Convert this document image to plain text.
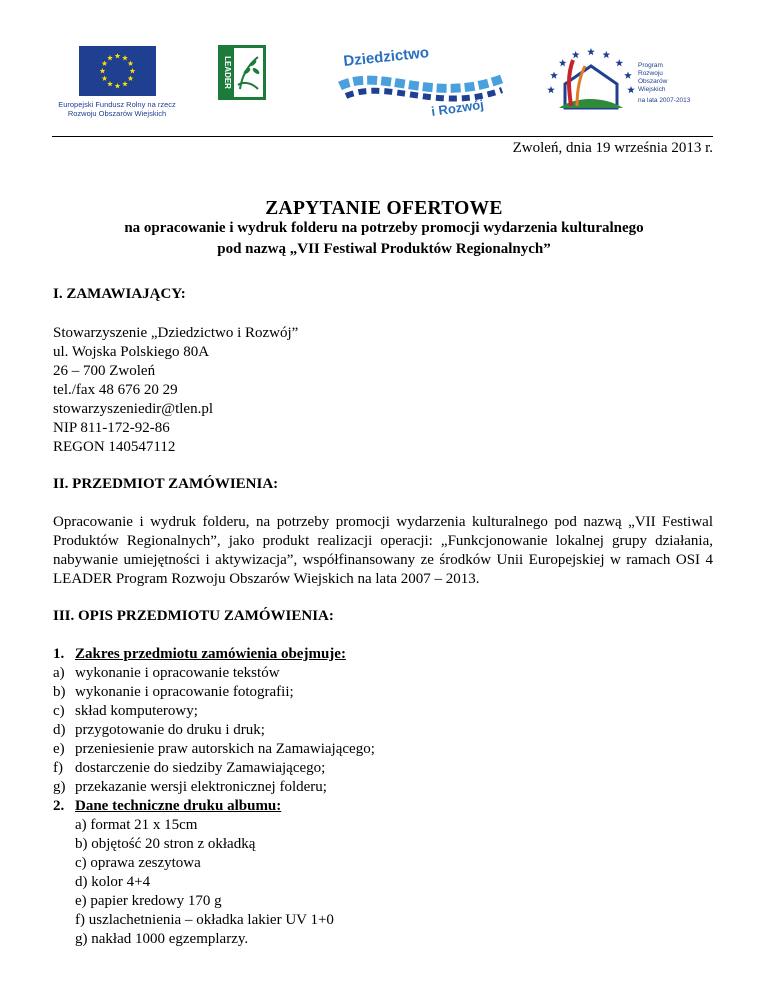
Europejski Fundusz Rolny na rzecz
Rozwoju Obszarów Wiejskich
LEADER	Dziedzictwo
i Rozwój
Program
Rozwoju
Obszarów
Wiejskich
na lata 2007-2013
Zwoleń, dnia 19 września 2013 r.
ZAPYTANIE OFERTOWE
na opracowanie i wydruk folderu na potrzeby promocji wydarzenia kulturalnego
pod nazwą „VII Festiwal Produktów Regionalnych”
I. ZAMAWIAJĄCY:
Stowarzyszenie „Dziedzictwo i Rozwój”
ul. Wojska Polskiego 80A
26 – 700 Zwoleń
tel./fax 48 676 20 29
stowarzyszeniedir@tlen.pl
NIP 811-172-92-86
REGON 140547112
II. PRZEDMIOT ZAMÓWIENIA:
Opracowanie i wydruk folderu, na potrzeby promocji wydarzenia kulturalnego pod nazwą „VII Festiwal Produktów Regionalnych”, jako produkt realizacji operacji: „Funkcjonowanie lokalnej grupy działania, nabywanie umiejętności i aktywizacja”, współfinansowany ze środków Unii Europejskiej w ramach OSI 4 LEADER Program Rozwoju Obszarów Wiejskich na lata 2007 – 2013.
III. OPIS PRZEDMIOTU ZAMÓWIENIA:
1. Zakres przedmiotu zamówienia obejmuje:
a) wykonanie i opracowanie tekstów
b) wykonanie i opracowanie fotografii;
c) skład komputerowy;
d) przygotowanie do druku i druk;
e) przeniesienie praw autorskich na Zamawiającego;
f) dostarczenie do siedziby Zamawiającego;
g) przekazanie wersji elektronicznej folderu;
2. Dane techniczne druku albumu:
a) format 21 x 15cm
b) objętość 20 stron z okładką
c) oprawa zeszytowa
d) kolor 4+4
e) papier kredowy 170 g
f) uszlachetnienia – okładka lakier UV 1+0
g) nakład 1000 egzemplarzy.
